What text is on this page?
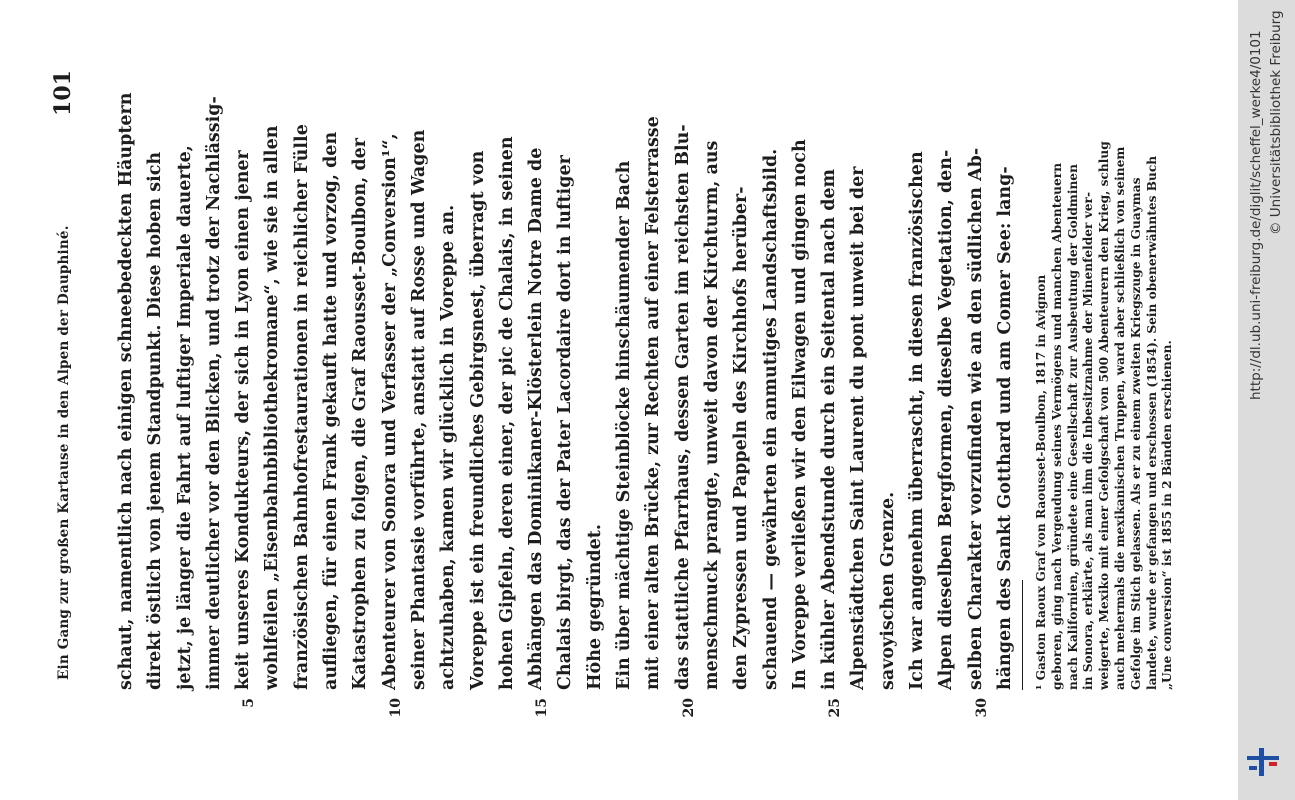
Ein Gang zur großen Kartause in den Alpen der Dauphiné.
101 schaut, namentlich nach einigen schneebedeckten Häuptern direkt östlich von jenem Standpunkt. Diese hoben sich jetzt, je länger die Fahrt auf luftiger Imperiale dauerte, immer deutlicher vor den Blicken, und trotz der Nachlässig-
5
keit unseres Kondukteurs, der sich in Lyon einen jener wohlfeilen „Eisenbahnbibliothekromane“, wie sie in allen französischen Bahnhofrestaurationen in reichlicher Fülle aufliegen, für einen Frank gekauft hatte und vorzog, den Katastrophen zu folgen, die Graf Raousset-Boulbon, der
10
Abenteurer von Sonora und Verfasser der „Conversion¹“, seiner Phantasie vorführte, anstatt auf Rosse und Wagen achtzuhaben, kamen wir glücklich in Voreppe an. Voreppe ist ein freundliches Gebirgsnest, überragt von hohen Gipfeln, deren einer, der pic de Chalais, in seinen
15
Abhängen das Dominikaner-Klösterlein Notre Dame de Chalais birgt, das der Pater Lacordaire dort in luftiger Höhe gegründet. Ein über mächtige Steinblöcke hinschäumender Bach mit einer alten Brücke, zur Rechten auf einer Felsterrasse
20
das stattliche Pfarrhaus, dessen Garten im reichsten Blu- menschmuck prangte, unweit davon der Kirchturm, aus den Zypressen und Pappeln des Kirchhofs herüber- schauend — gewährten ein anmutiges Landschaftsbild. In Voreppe verließen wir den Eilwagen und gingen noch
25
in kühler Abendstunde durch ein Seitental nach dem Alpenstädtchen Saint Laurent du pont unweit bei der savoyischen Grenze. Ich war angenehm überrascht, in diesen französischen Alpen dieselben Bergformen, dieselbe Vegetation, den-
30
selben Charakter vorzufinden wie an den südlichen Ab- hängen des Sankt Gotthard und am Comer See: lang-	¹ Gaston Raoux Graf von Raousset-Boulbon, 1817 in Avignon geboren, ging nach Vergeudung seines Vermögens und manchen Abenteuern nach Kalifornien, gründete eine Gesellschaft zur Ausbeutung der Goldminen in Sonora, erklärte, als man ihm die Inbesitznahme der Minenfelder ver- weigerte, Mexiko mit einer Gefolgschaft von 500 Abenteurern den Krieg, schlug auch mehermals die mexikanischen Truppen, ward aber schließlich von seinem Gefolge im Stich gelassen. Als er zu einem zweiten Kriegszuge in Guaymas landete, wurde er gefangen und erschossen (1854). Sein obenerwähntes Buch „Une conversion“ ist 1855 in 2 Bänden erschienen.
http://dl.ub.uni-freiburg.de/diglit/scheffel_werke4/0101 © Universitätsbibliothek Freiburg
